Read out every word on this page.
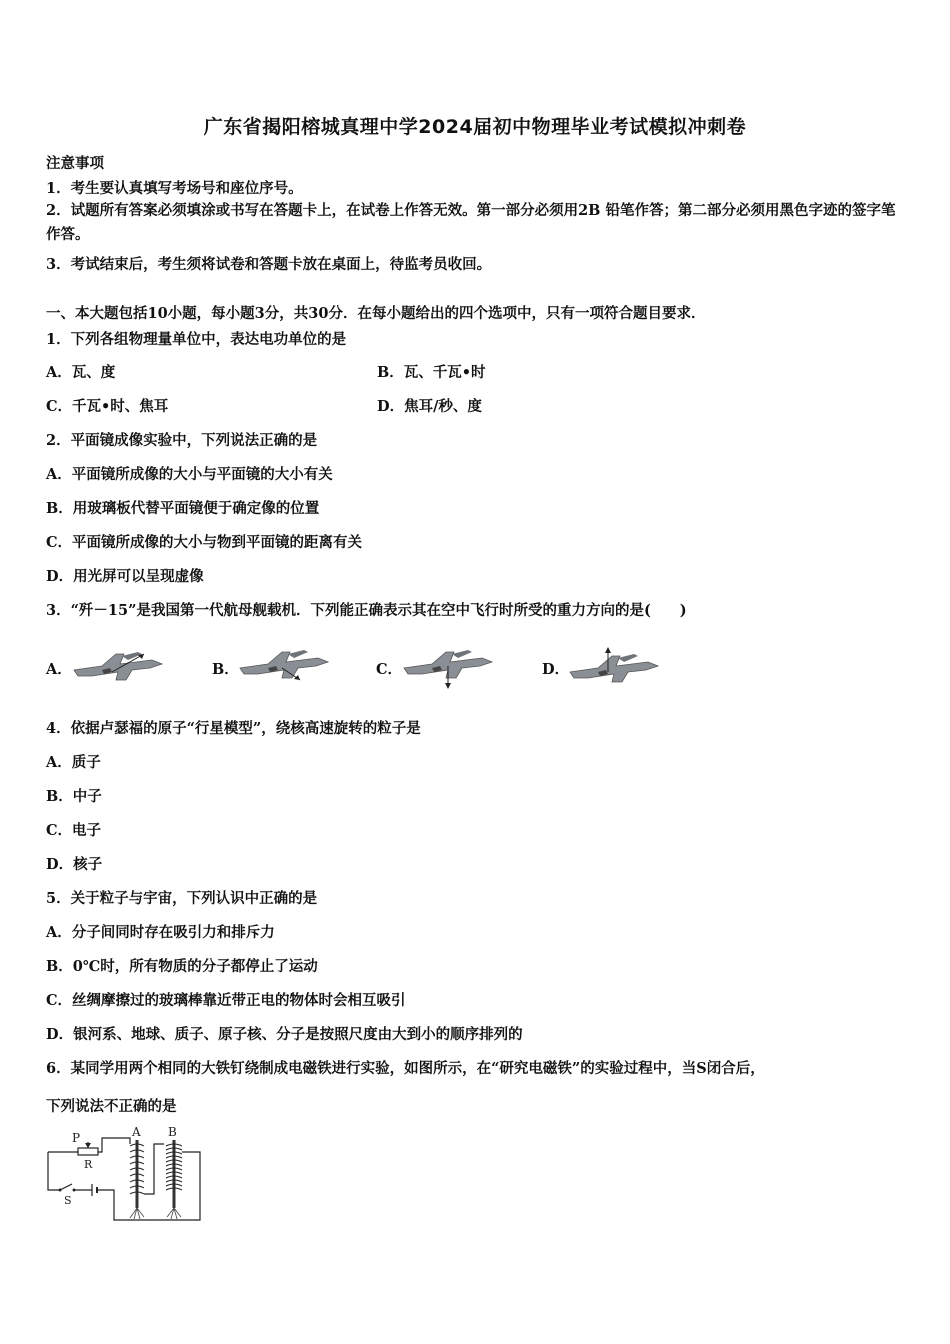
广东省揭阳榕城真理中学2024届初中物理毕业考试模拟冲刺卷
注意事项
1．考生要认真填写考场号和座位序号。
2．试题所有答案必须填涂或书写在答题卡上，在试卷上作答无效。第一部分必须用2B 铅笔作答；第二部分必须用黑色字迹的签字笔作答。
3．考试结束后，考生须将试卷和答题卡放在桌面上，待监考员收回。
一、本大题包括10小题，每小题3分，共30分．在每小题给出的四个选项中，只有一项符合题目要求．
1．下列各组物理量单位中，表达电功单位的是
A．瓦、度	B．瓦、千瓦•时
C．千瓦•时、焦耳	D．焦耳/秒、度
2．平面镜成像实验中，下列说法正确的是
A．平面镜所成像的大小与平面镜的大小有关
B．用玻璃板代替平面镜便于确定像的位置
C．平面镜所成像的大小与物到平面镜的距离有关
D．用光屏可以呈现虚像
3．“歼－15”是我国第一代航母舰载机．下列能正确表示其在空中飞行时所受的重力方向的是(　　)
A．	B．	C．	D．
4．依据卢瑟福的原子“行星模型”，绕核高速旋转的粒子是
A．质子
B．中子
C．电子
D．核子
5．关于粒子与宇宙，下列认识中正确的是
A．分子间同时存在吸引力和排斥力
B．0℃时，所有物质的分子都停止了运动
C．丝绸摩擦过的玻璃棒靠近带正电的物体时会相互吸引
D．银河系、地球、质子、原子核、分子是按照尺度由大到小的顺序排列的
6．某同学用两个相同的大铁钉绕制成电磁铁进行实验，如图所示，在“研究电磁铁”的实验过程中，当S闭合后，
下列说法不正确的是
P
R
S
A B
